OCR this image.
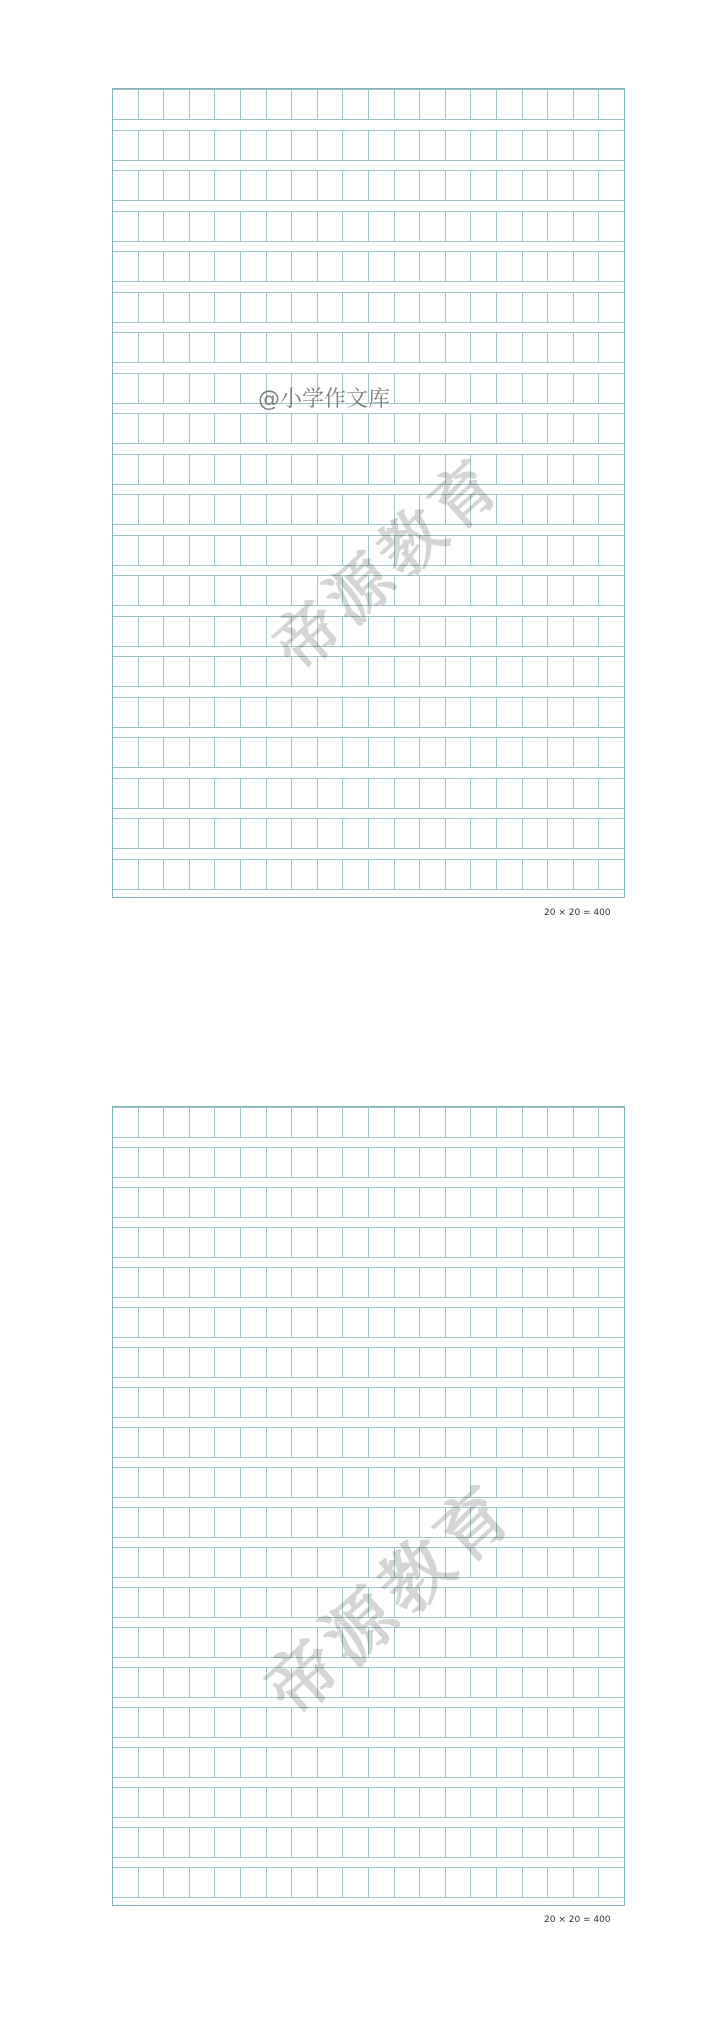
20 × 20 = 400
20 × 20 = 400
帝源教育
@小学作文库
帝源教育
